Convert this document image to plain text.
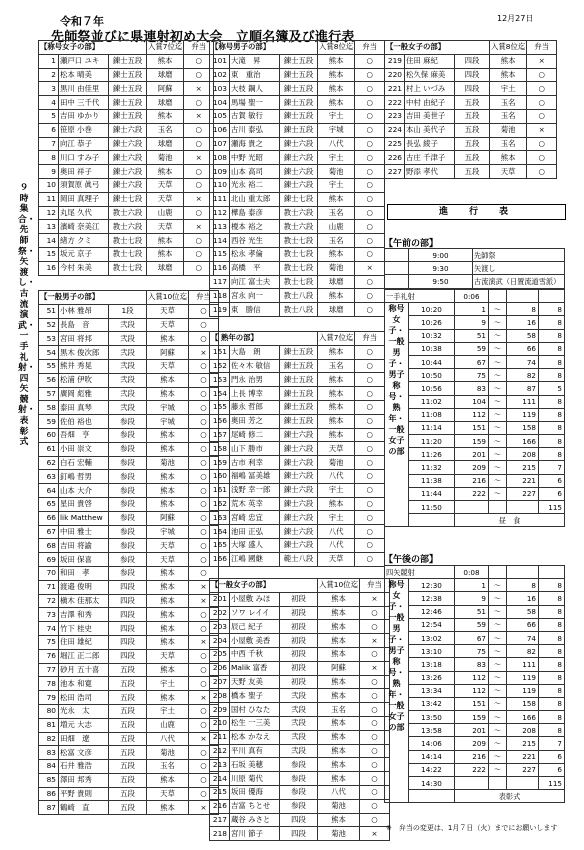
令和７年	12月27日
先師祭並びに県連射初め大会　立順名簿及び進行表
９時集合・先師祭・矢渡し・古流演武・一手礼射・四矢競射・表彰式
【称号女子の部】			入賞7位迄	弁当
1	瀬戸口 ユキ	錬士五段	熊本	○
2	松本 晴美	錬士五段	球磨	○
3	黒川 由佳里	錬士五段	阿蘇	×
4	田中 三千代	錬士五段	球磨	○
5	吉田 ゆかり	錬士五段	熊本	×
6	笹原 小巻	錬士六段	玉名	○
7	向江 恭子	錬士六段	球磨	○
8	川口 すみ子	錬士六段	菊池	×
9	奥田 祥子	錬士六段	熊本	○
10	須賀原 眞弓	錬士六段	天草	○
11	岡田 真理子	錬士七段	天草	×
12	丸尾 久代	教士六段	山鹿	○
13	濱崎 奈美江	教士六段	天草	×
14	緒方 クミ	教士七段	熊本	○
15	坂元 京子	教士七段	熊本	○
16	今村 朱美	教士七段	球磨	○
【称号男子の部】			入賞8位迄	弁当
101	大滝　昇	錬士五段	熊本	○
102	東　重治	錬士五段	熊本	○
103	大枝 鋼人	錬士五段	熊本	○
104	馬場 聖一	錬士五段	熊本	○
105	古賀 敏行	錬士五段	宇土	○
106	古川 泰弘	錬士五段	宇城	○
107	瀬海 貴之	錬士六段	八代	○
108	中野 光昭	錬士六段	宇土	○
109	山本 高司	錬士六段	菊池	○
110	光永 裕二	錬士六段	宇土	○
111	北山 重太郎	錬士七段	熊本	○
112	樺島 泰彦	教士六段	玉名	○
113	榎本 裕之	教士六段	山鹿	○
114	西谷 光生	教士七段	玉名	○
115	松永 孝倫	教士七段	熊本	○
116	高橋　平	教士七段	菊池	×
117	向江 富士夫	教士七段	球磨	○
118	宮永 向一	教士八段	熊本	○
119	東　勝信	教士八段	球磨	○
【一般女子の部】			入賞8位迄	弁当
219	住田 麻紀	四段	熊本	×
220	松久保 麻美	四段	熊本	○
221	村上 いづみ	四段	宇土	○
222	中村 由紀子	五段	玉名	○
223	吉田 美世子	五段	玉名	○
224	本山 美代子	五段	菊池	×
225	長弘 綾子	五段	玉名	○
226	古庄 千津子	五段	熊本	○
227	野添 孝代	五段	天草	○
【一般男子の部】			入賞10位迄	弁当
51	小林 雅昂	1段	天草	○
52	長島　音	弐段	天草	○
53	宮田 将邦	弐段	熊本	○
54	黒木 俊次郎	弐段	阿蘇	×
55	熊井 秀晃	弐段	天草	○
56	松浦 伊吹	弐段	熊本	○
57	廣岡 彪雅	弐段	熊本	○
58	泰田 真琴	弐段	宇城	○
59	佐伯 裕也	参段	宇城	○
60	吾畑　亨	参段	熊本	○
61	小田 崇文	参段	熊本	○
62	白石 宏輔	参段	菊池	○
63	釘嶋 哲男	参段	熊本	○
64	山本 大介	参段	熊本	○
65	星田 貴啓	参段	熊本	○
66	lik Matthew	参段	阿蘇	○
67	中田 雅士	参段	宇城	○
68	吉田 将諭	参段	天草	○
69	坂田 保喜	参段	天草	○
70	和田　孝	参段	熊本	○
71	渡邉 俊明	四段	熊本	×
72	槇木 佳那太	四段	熊本	×
73	吉澤 和秀	四段	熊本	○
74	竹下 桂史	四段	熊本	○
75	住田 雄紀	四段	熊本	×
76	堀江 正二郎	四段	天草	○
77	砂月 五十喜	五段	熊本	○
78	池本 和寛	五段	宇土	○
79	松田 浩司	五段	熊本	×
80	光永　太	五段	宇土	○
81	増元 大志	五段	山鹿	○
82	田畑　遼	五段	八代	×
83	松富 文彦	五段	菊池	○
84	石井 雅浩	五段	玉名	○
85	澤田 邦秀	五段	熊本	○
86	平野 貴則	五段	天草	○
87	鶴崎　直	五段	熊本	×
【 熟年の部】			入賞7位迄	弁当
151	大島　朗	錬士五段	熊本	○
152	佐々木 敏信	錬士五段	玉名	○
153	門永 治男	錬士五段	熊本	○
154	上長 博幸	錬士五段	熊本	○
155	藤永 哲郎	錬士五段	熊本	○
156	奥田 芳之	錬士五段	熊本	○
157	尾崎 修二	錬士六段	熊本	○
158	山下 勝市	錬士六段	天草	○
159	古市 利幸	錬士六段	菊池	○
160	福嶋 冨美雄	錬士六段	八代	○
161	浅野 幸一郎	錬士六段	宇土	○
162	荒木 英幸	錬士六段	熊本	○
163	宮崎 忠宜	錬士六段	宇土	○
164	池田 正弘	錬士六段	八代	○
165	大塚 盛人	錬士六段	八代	○
166	江嶋 國継	範士八段	天草	○
【一般女子の部】			入賞10位迄	弁当
201	小屋敷 みほ	初段	熊本	×
202	ソワ レイイ	初段	熊本	○
203	辰己 紀子	初段	熊本	○
204	小屋敷 美香	初段	熊本	×
205	中西 千秋	初段	熊本	○
206	Malik 富香	初段	阿蘇	×
207	天野 友美	初段	熊本	○
208	橋本 聖子	弐段	熊本	○
209	国村 ひなた	弐段	玉名	○
210	松生 一三美	弐段	熊本	○
211	松本 かなえ	弐段	熊本	○
212	平川 真有	弐段	熊本	○
213	石坂 美穂	参段	熊本	○
214	川原 菊代	参段	熊本	○
215	坂田 優海	参段	八代	○
216	吉富 ちとせ	参段	菊池	○
217	蔵谷 みさと	四段	熊本	○
218	宮川 節子	四段	菊池	×
	9:00	先師祭
	9:30	矢渡し
	9:50	古流演武（日置流道雪派）
一手礼射		0:06			
称号女子・一般男子・男子称号・熟年・一般女子の部	10:20	1	～	8	8
	10:26	9	～	16	8
	10:32	51	～	58	8
	10:38	59	～	66	8
	10:44	67	～	74	8
	10:50	75	～	82	8
	10:56	83	～	87	5
	11:02	104	～	111	8
	11:08	112	～	119	8
	11:14	151	～	158	8
	11:20	159	～	166	8
	11:26	201	～	208	8
	11:32	209	～	215	7
	11:38	216	～	221	6
	11:44	222	～	227	6
	11:50				115
		昼　食			
四矢競射		0:08			
称号女子・一般男子・男子称号・熟年・一般女子の部	12:30	1	～	8	8
	12:38	9	～	16	8
	12:46	51	～	58	8
	12:54	59	～	66	8
	13:02	67	～	74	8
	13:10	75	～	82	8
	13:18	83	～	111	8
	13:26	112	～	119	8
	13:34	112	～	119	8
	13:42	151	～	158	8
	13:50	159	～	166	8
	13:58	201	～	208	8
	14:06	209	～	215	7
	14:14	216	～	221	6
	14:22	222	～	227	6
	14:30				115
		表彰式			
進　行　表
【午前の部】
【午後の部】
※　弁当の変更は、1月７日（火）までにお願いします
